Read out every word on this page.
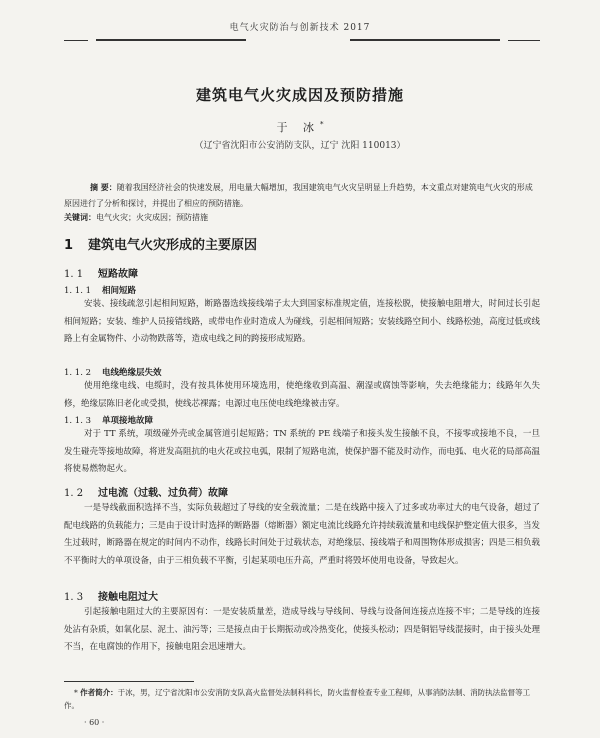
电气火灾防治与创新技术 2017
建筑电气火灾成因及预防措施
于 冰*
（辽宁省沈阳市公安消防支队，辽宁 沈阳 110013）
摘 要：随着我国经济社会的快速发展，用电量大幅增加，我国建筑电气火灾呈明显上升趋势，本文重点对建筑电气火灾的形成原因进行了分析和探讨，并提出了相应的预防措施。
关键词：电气火灾；火灾成因；预防措施
1 建筑电气火灾形成的主要原因
1. 1 短路故障
1. 1. 1 相间短路
安装、接线疏忽引起相间短路，断路器选线接线端子太大到国家标准规定值，连接松脱，使接触电阻增大，时间过长引起相间短路；安装、维护人员接错线路，或带电作业时造成人为碰线，引起相间短路；安装线路空间小、线路松弛，高度过低或线路上有金属物件、小动物跌落等，造成电线之间的跨接形成短路。
1. 1. 2 电线绝缘层失效
使用绝缘电线、电缆时，没有按具体使用环境选用，使绝缘收到高温、潮湿或腐蚀等影响，失去绝缘能力；线路年久失修，绝缘层陈旧老化或受损，使线芯裸露；电源过电压使电线绝缘被击穿。
1. 1. 3 单项接地故障
对于 TT 系统，项级碰外壳或金属管道引起短路；TN 系统的 PE 线端子和接头发生接触不良，不接零或接地不良，一旦发生碰壳等接地故障，将迸发高阻抗的电火花或拉电弧，限制了短路电流，使保护器不能及时动作，而电弧、电火花的局部高温将使易燃物起火。
1. 2 过电流（过载、过负荷）故障
一是导线截面积选择不当，实际负载超过了导线的安全载流量；二是在线路中接入了过多或功率过大的电气设备，超过了配电线路的负载能力；三是由于设计时选择的断路器（熔断器）额定电流比线路允许持续载流量和电线保护整定值大很多，当发生过载时，断路器在规定的时间内不动作，线路长时间处于过载状态，对绝缘层、接线端子和周围物体形成损害；四是三相负载不平衡时大的单项设备，由于三相负载不平衡，引起某项电压升高，严重时将毁坏使用电设备，导致起火。
1. 3 接触电阻过大
引起接触电阻过大的主要原因有：一是安装质量差，造成导线与导线间、导线与设备间连接点连接不牢；二是导线的连接处沾有杂质，如氧化层、泥土、油污等；三是接点由于长期振动或冷热变化，使接头松动；四是铜铝导线混接时，由于接头处理不当，在电腐蚀的作用下，接触电阻会迅速增大。
* 作者简介：于冰，男，辽宁省沈阳市公安消防支队高火监督处法制科科长，防火监督检查专业工程师，从事消防法制、消防执法监督等工作。
· 60 ·
